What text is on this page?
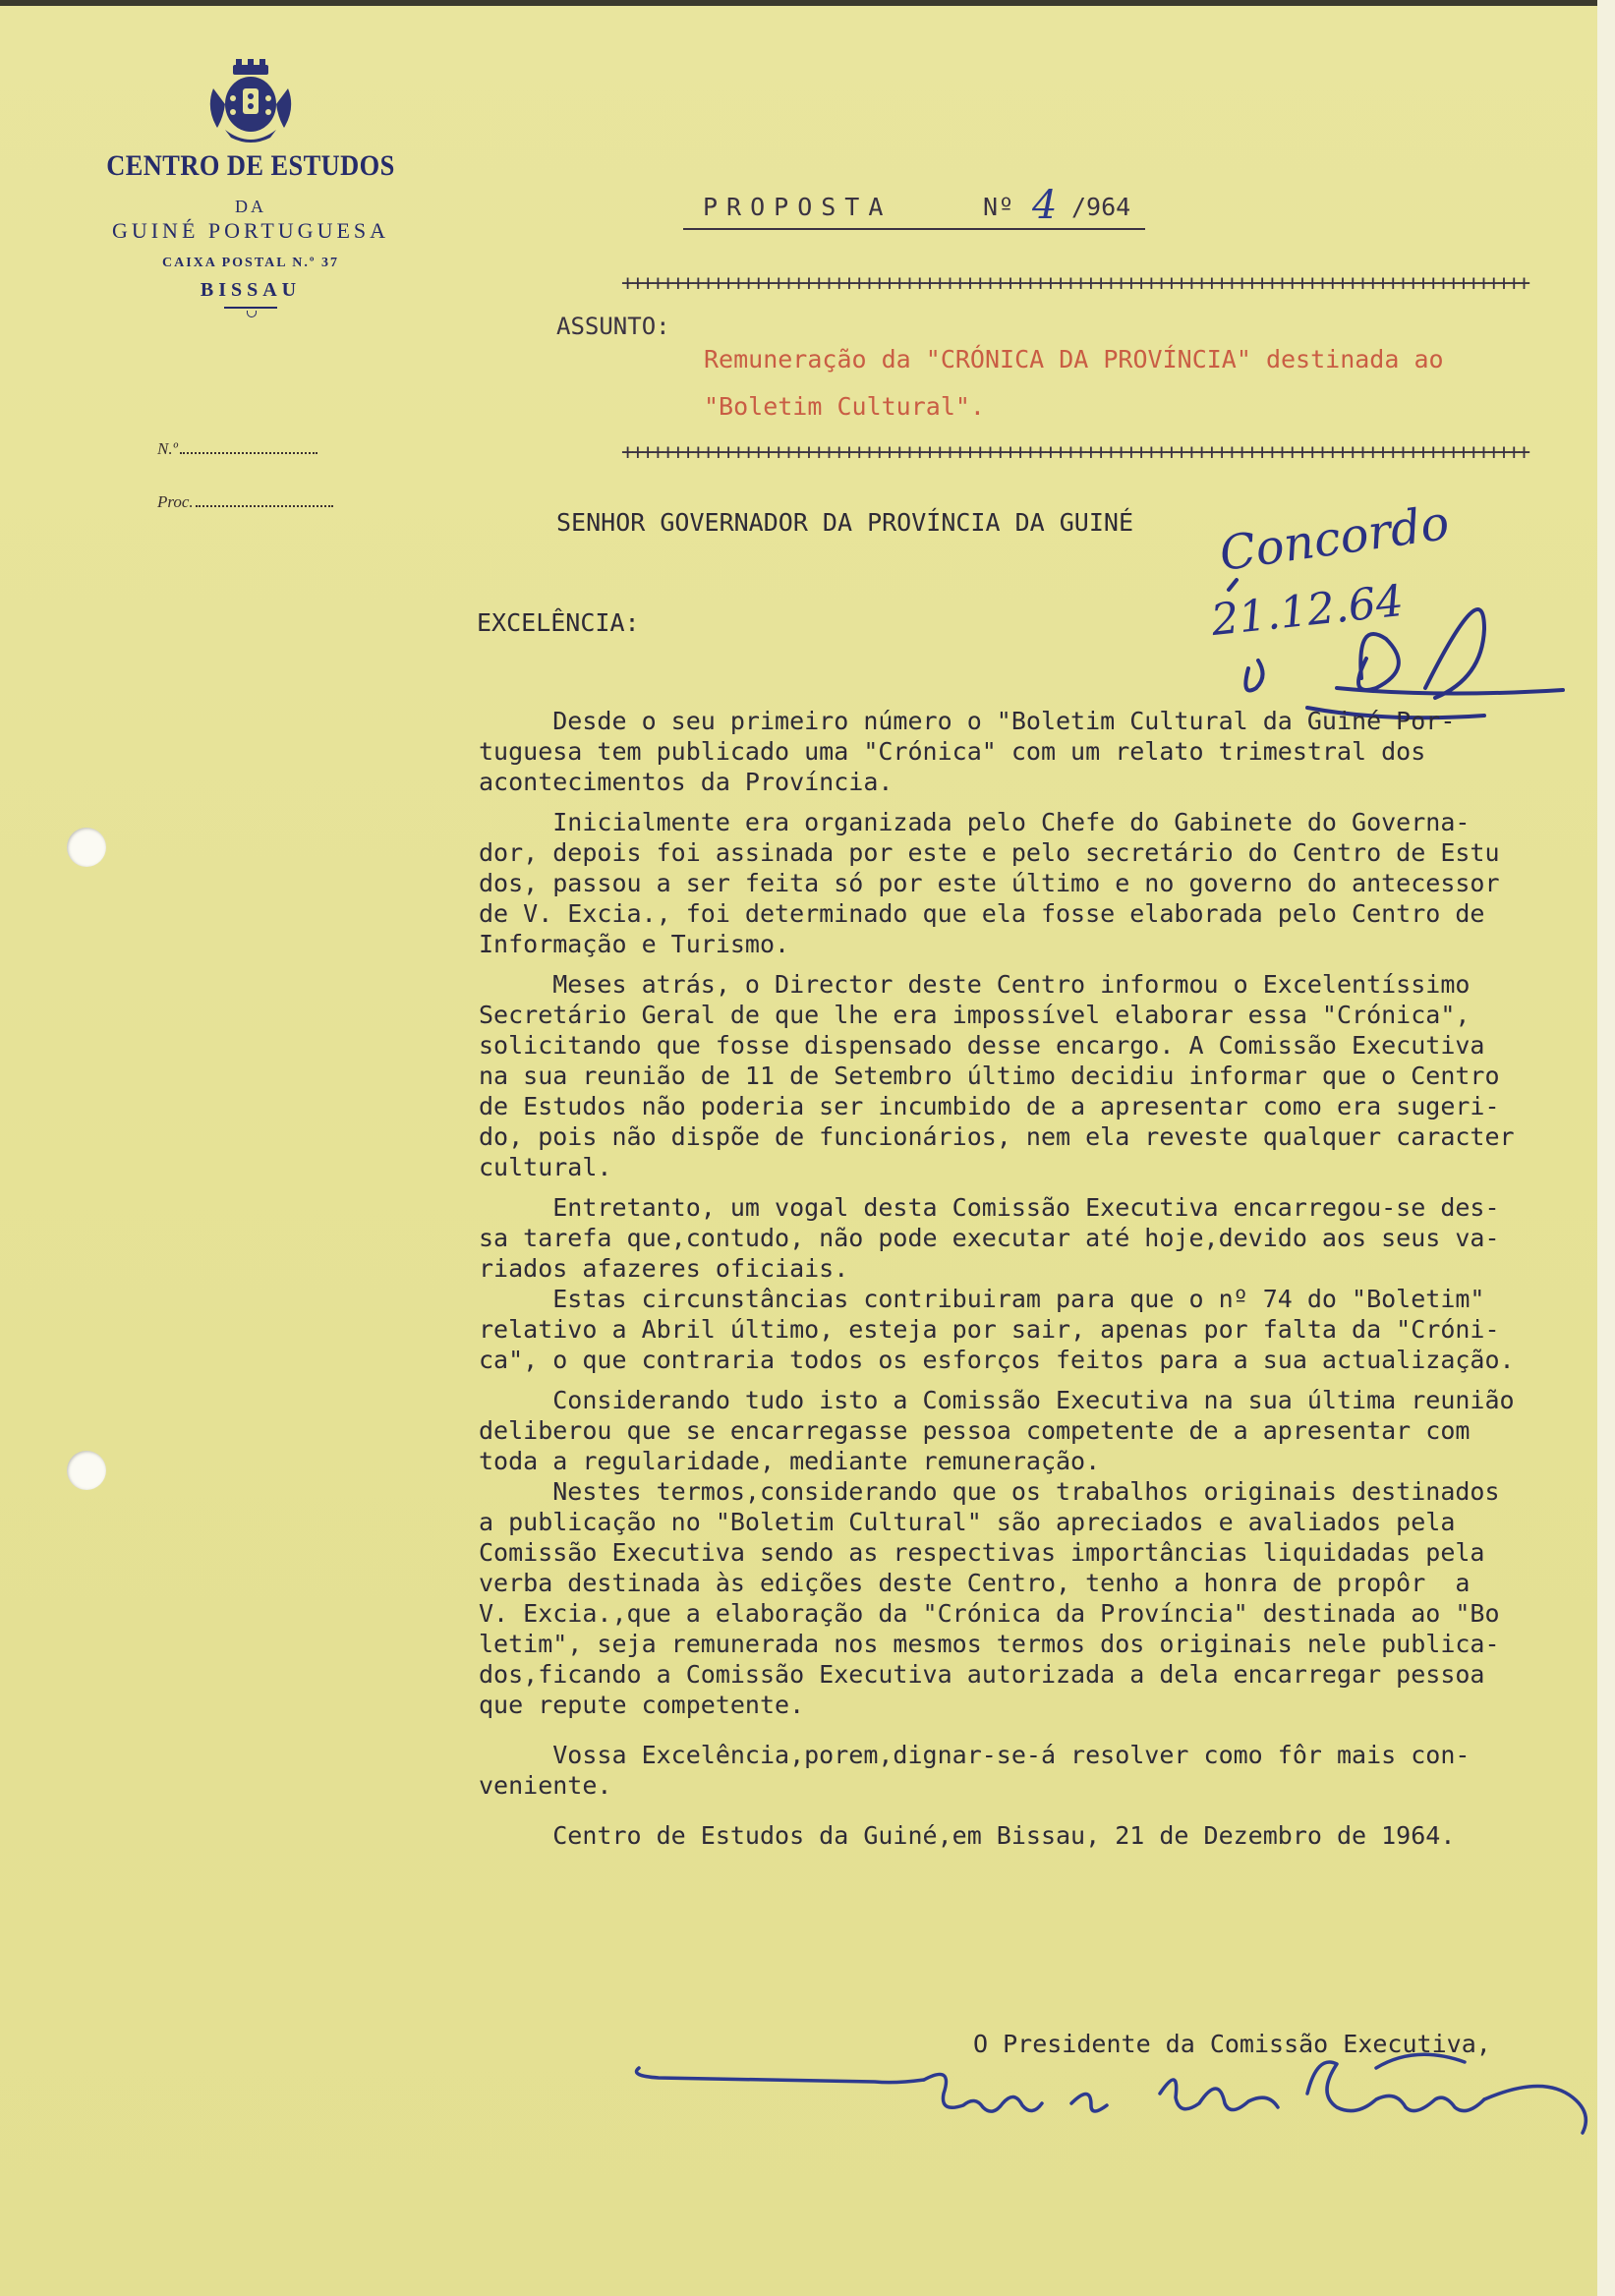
CENTRO DE ESTUDOS
DA
GUINÉ PORTUGUESA
CAIXA POSTAL N.º 37
BISSAU
N.º
Proc.
PROPOSTA	Nº 4 /964
++++++++++++++++++++++++++++++++++++++++++++++++++++++++++++++++++++++++++++++++++++++++++
ASSUNTO:
Remuneração da "CRÓNICA DA PROVÍNCIA" destinada ao "Boletim Cultural".
++++++++++++++++++++++++++++++++++++++++++++++++++++++++++++++++++++++++++++++++++++++++++
SENHOR GOVERNADOR DA PROVÍNCIA DA GUINÉ
EXCELÊNCIA:
Concordo
21.12.64

Desde o seu primeiro número o "Boletim Cultural da Guiné Por-

tuguesa tem publicado uma "Crónica" com um relato trimestral dos

acontecimentos da Província.

Inicialmente era organizada pelo Chefe do Gabinete do Governa-

dor, depois foi assinada por este e pelo secretário do Centro de Estu

dos, passou a ser feita só por este último e no governo do antecessor

de V. Excia., foi determinado que ela fosse elaborada pelo Centro de

Informação e Turismo.

Meses atrás, o Director deste Centro informou o Excelentíssimo

Secretário Geral de que lhe era impossível elaborar essa "Crónica",

solicitando que fosse dispensado desse encargo. A Comissão Executiva

na sua reunião de 11 de Setembro último decidiu informar que o Centro

de Estudos não poderia ser incumbido de a apresentar como era sugeri-

do, pois não dispõe de funcionários, nem ela reveste qualquer caracter

cultural.

Entretanto, um vogal desta Comissão Executiva encarregou-se des-

sa tarefa que,contudo, não pode executar até hoje,devido aos seus va-

riados afazeres oficiais.

Estas circunstâncias contribuiram para que o nº 74 do "Boletim"

relativo a Abril último, esteja por sair, apenas por falta da "Cróni-

ca", o que contraria todos os esforços feitos para a sua actualização.

Considerando tudo isto a Comissão Executiva na sua última reunião

deliberou que se encarregasse pessoa competente de a apresentar com

toda a regularidade, mediante remuneração.

Nestes termos,considerando que os trabalhos originais destinados

a publicação no "Boletim Cultural" são apreciados e avaliados pela

Comissão Executiva sendo as respectivas importâncias liquidadas pela

verba destinada às edições deste Centro, tenho a honra de propôr  a

V. Excia.,que a elaboração da "Crónica da Província" destinada ao "Bo

letim", seja remunerada nos mesmos termos dos originais nele publica-

dos,ficando a Comissão Executiva autorizada a dela encarregar pessoa

que repute competente.

Vossa Excelência,porem,dignar-se-á resolver como fôr mais con-

veniente.

Centro de Estudos da Guiné,em Bissau, 21 de Dezembro de 1964.

O Presidente da Comissão Executiva,
